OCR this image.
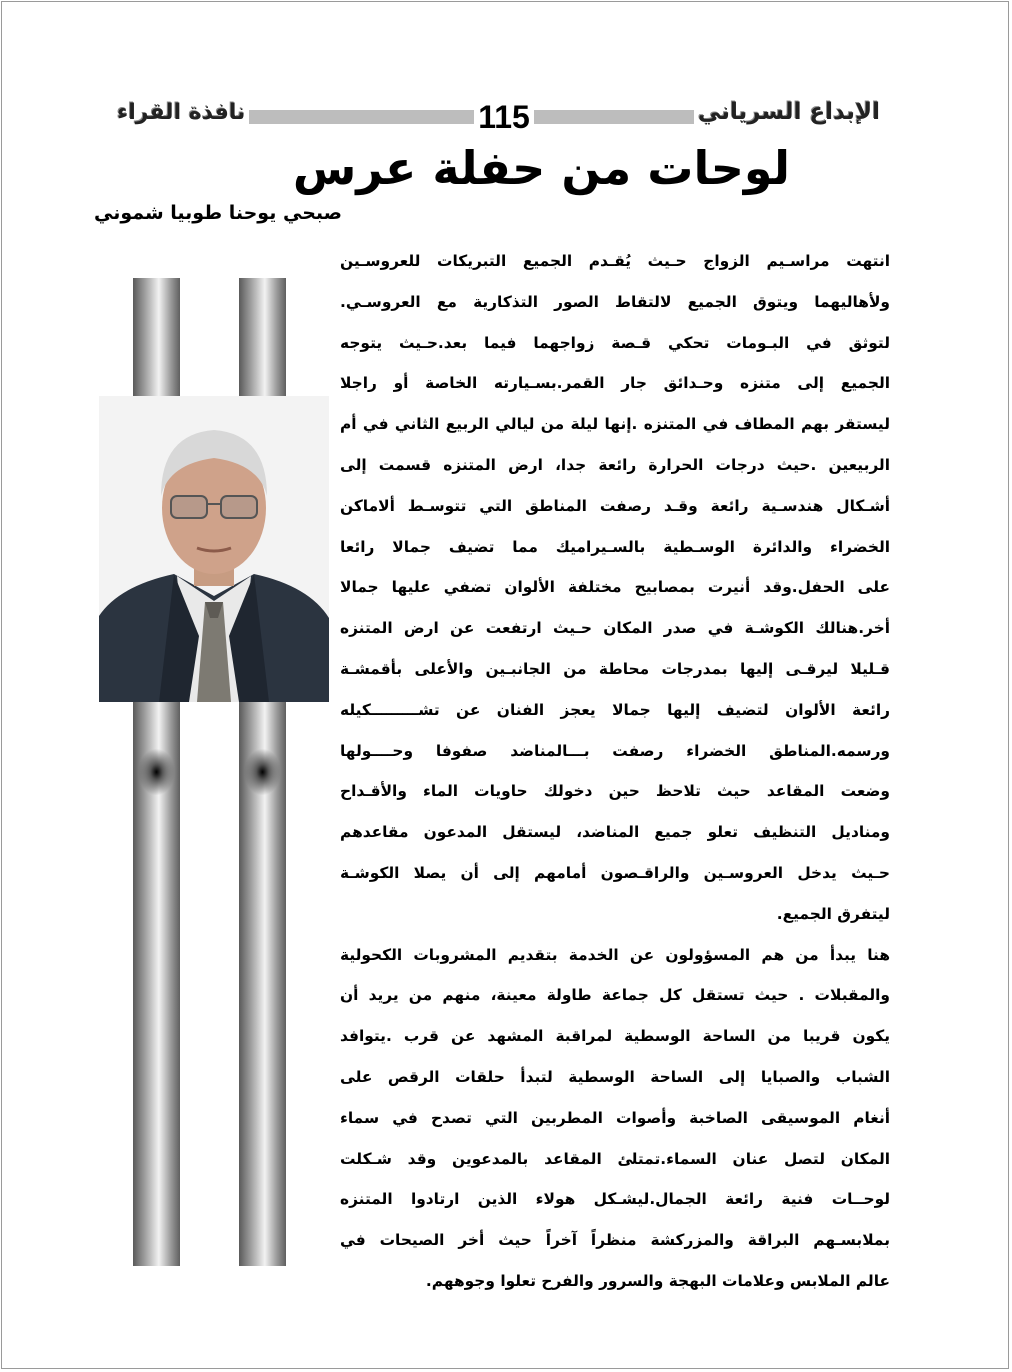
نافذة القراء	الإبداع السرياني
115
لوحات من حفلة عرس
صبحي يوحنا طوبيا شموني
انتهت مراسـيم الزواج حـيث يُقـدم الجميع التبريكات للعروسـين
ولأهاليهما ويتوق الجميع لالتقاط الصور التذكارية مع العروسـي.
لتوثق في البـومات تحكي قـصة زواجهما فيما بعد.حـيث يتوجه
الجميع إلى متنزه وحـدائق جار القمر.بسـيارته الخاصة أو راجلا
ليستقر بهم المطاف في المتنزه .إنها ليلة من ليالي الربيع الثاني في أم
الربيعين .حيث درجات الحرارة رائعة جدا، ارض المتنزه قسمت إلى
أشـكال هندسـية رائعة وقـد رصفت المناطق التي تتوسـط ألاماكن
الخضراء والدائرة الوسـطية بالسـيراميك مما تضيف جمالا رائعا
على الحفل.وقد أنيرت بمصابيح مختلفة الألوان تضفي عليها جمالا
أخر.هنالك الكوشـة في صدر المكان حـيث ارتفعت عن ارض المتنزه
قـليلا ليرقـى إليها بمدرجات محاطة من الجانبـين والأعلى بأقمشـة
رائعة الألوان لتضيف إليها جمالا يعجز الفنان عن تشـــــــــكيله
ورسمه.المناطق الخضراء رصفت بـــالمناضد صفوفا وحــــولها
وضعت المقاعد حيث تلاحظ حين دخولك حاويات الماء والأقـداح
ومناديل التنظيف تعلو جميع المناضد، ليستقل المدعون مقاعدهم
حـيث يدخل العروسـين والراقـصون أمامهم إلى أن يصلا الكوشـة
ليتفرق الجميع.
هنا يبدأ من هم المسؤولون عن الخدمة بتقديم المشروبات الكحولية
والمقبلات . حيث تستقل كل جماعة طاولة معينة، منهم من يريد أن
يكون قريبا من الساحة الوسطية لمراقبة المشهد عن قرب .يتوافد
الشباب والصبايا إلى الساحة الوسطية لتبدأ حلقات الرقص على
أنغام الموسيقى الصاخبة وأصوات المطربين التي تصدح في سماء
المكان لتصل عنان السماء.تمتلئ المقاعد بالمدعوين وقد شـكلت
لوحــات فنية رائعة الجمال.ليشـكل هولاء الذين ارتادوا المتنزه
بملابسـهم البراقة والمزركشة منظراً آخراً حيث أخر الصيحات في
عالم الملابس وعلامات البهجة والسرور والفرح تعلوا وجوههم.
